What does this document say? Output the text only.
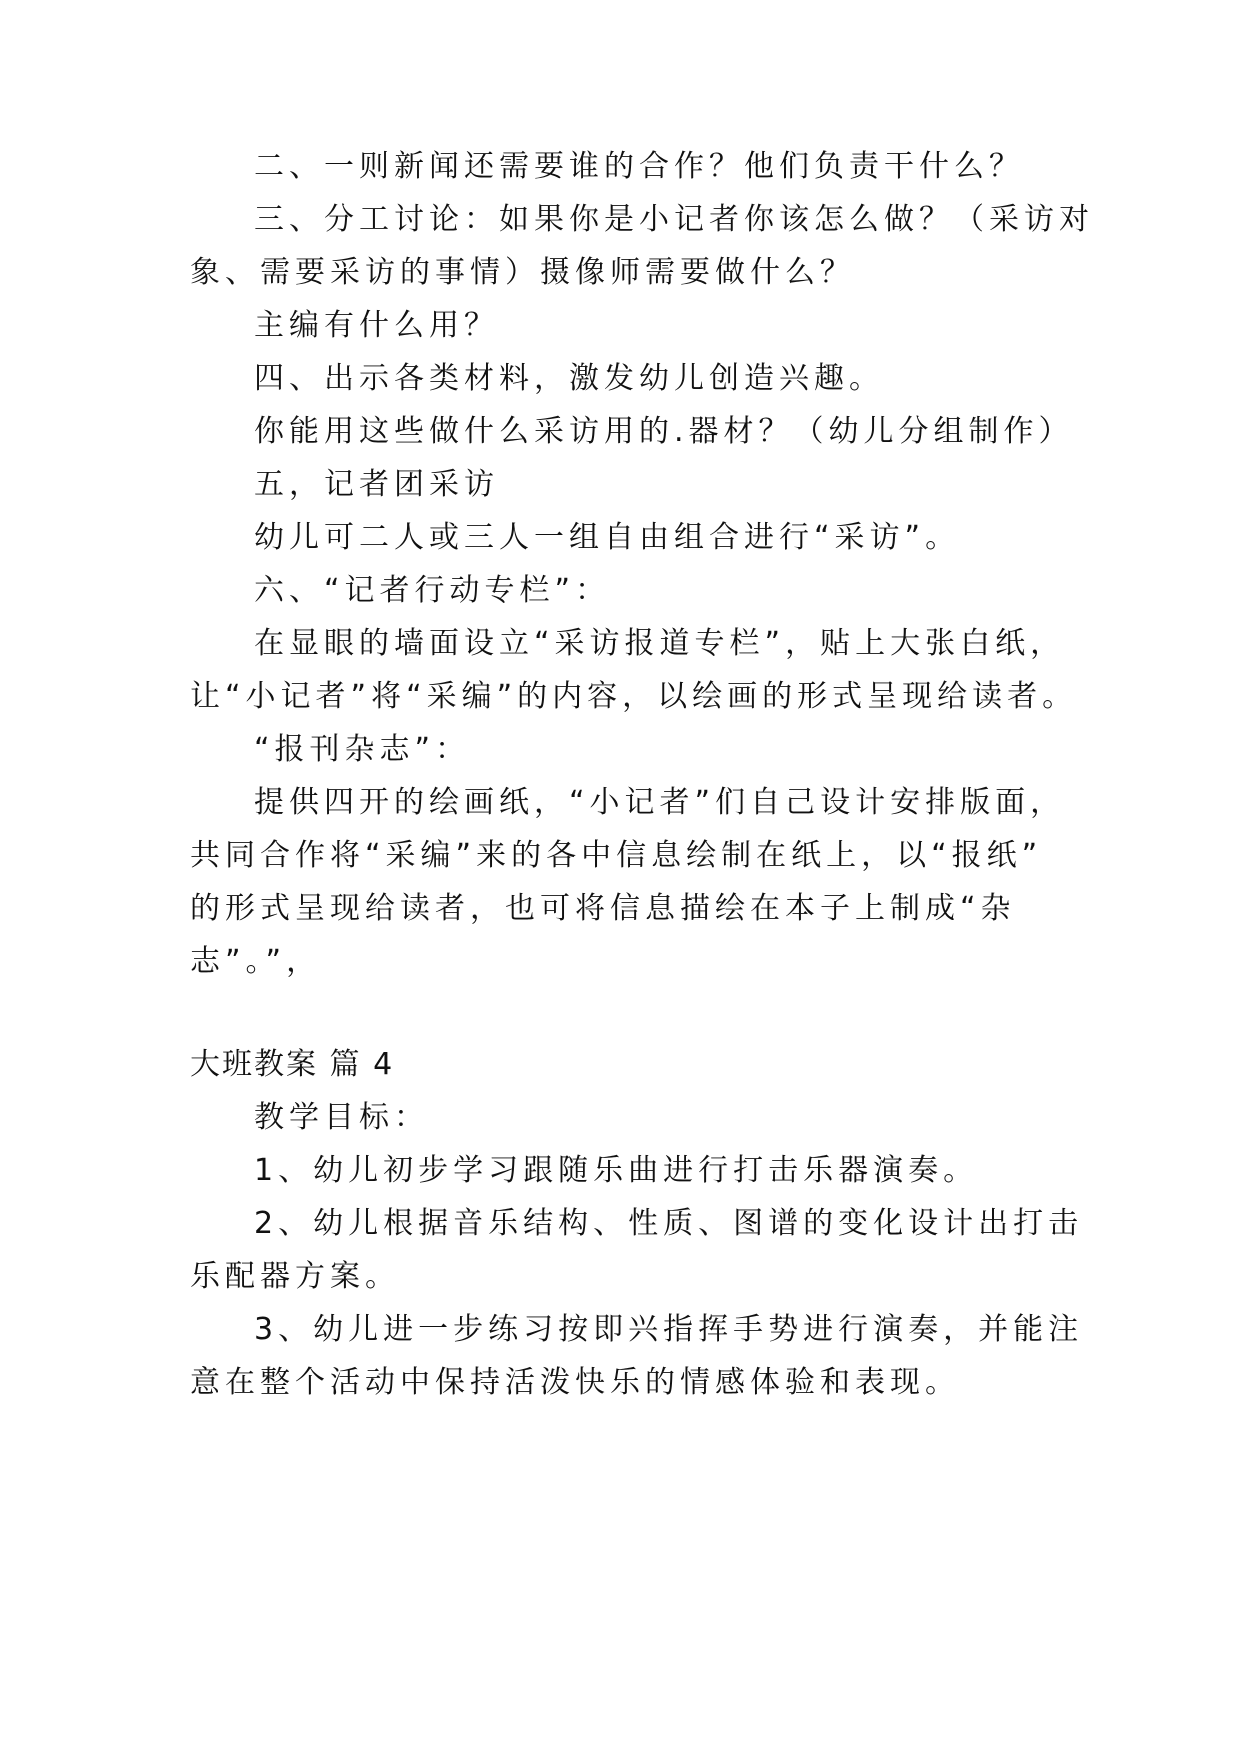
二、一则新闻还需要谁的合作？他们负责干什么？
三、分工讨论：如果你是小记者你该怎么做？（采访对
象、需要采访的事情）摄像师需要做什么？
主编有什么用？
四、出示各类材料，激发幼儿创造兴趣。
你能用这些做什么采访用的.器材？（幼儿分组制作）
五，记者团采访
幼儿可二人或三人一组自由组合进行“采访”。
六、“记者行动专栏”：
在显眼的墙面设立“采访报道专栏”，贴上大张白纸，
让“小记者”将“采编”的内容，以绘画的形式呈现给读者。
“报刊杂志”：
提供四开的绘画纸，“小记者”们自己设计安排版面，
共同合作将“采编”来的各中信息绘制在纸上，以“报纸”
的形式呈现给读者，也可将信息描绘在本子上制成“杂
志”。”，
大班教案 篇 4
教学目标：
1、幼儿初步学习跟随乐曲进行打击乐器演奏。
2、幼儿根据音乐结构、性质、图谱的变化设计出打击
乐配器方案。
3、幼儿进一步练习按即兴指挥手势进行演奏，并能注
意在整个活动中保持活泼快乐的情感体验和表现。
